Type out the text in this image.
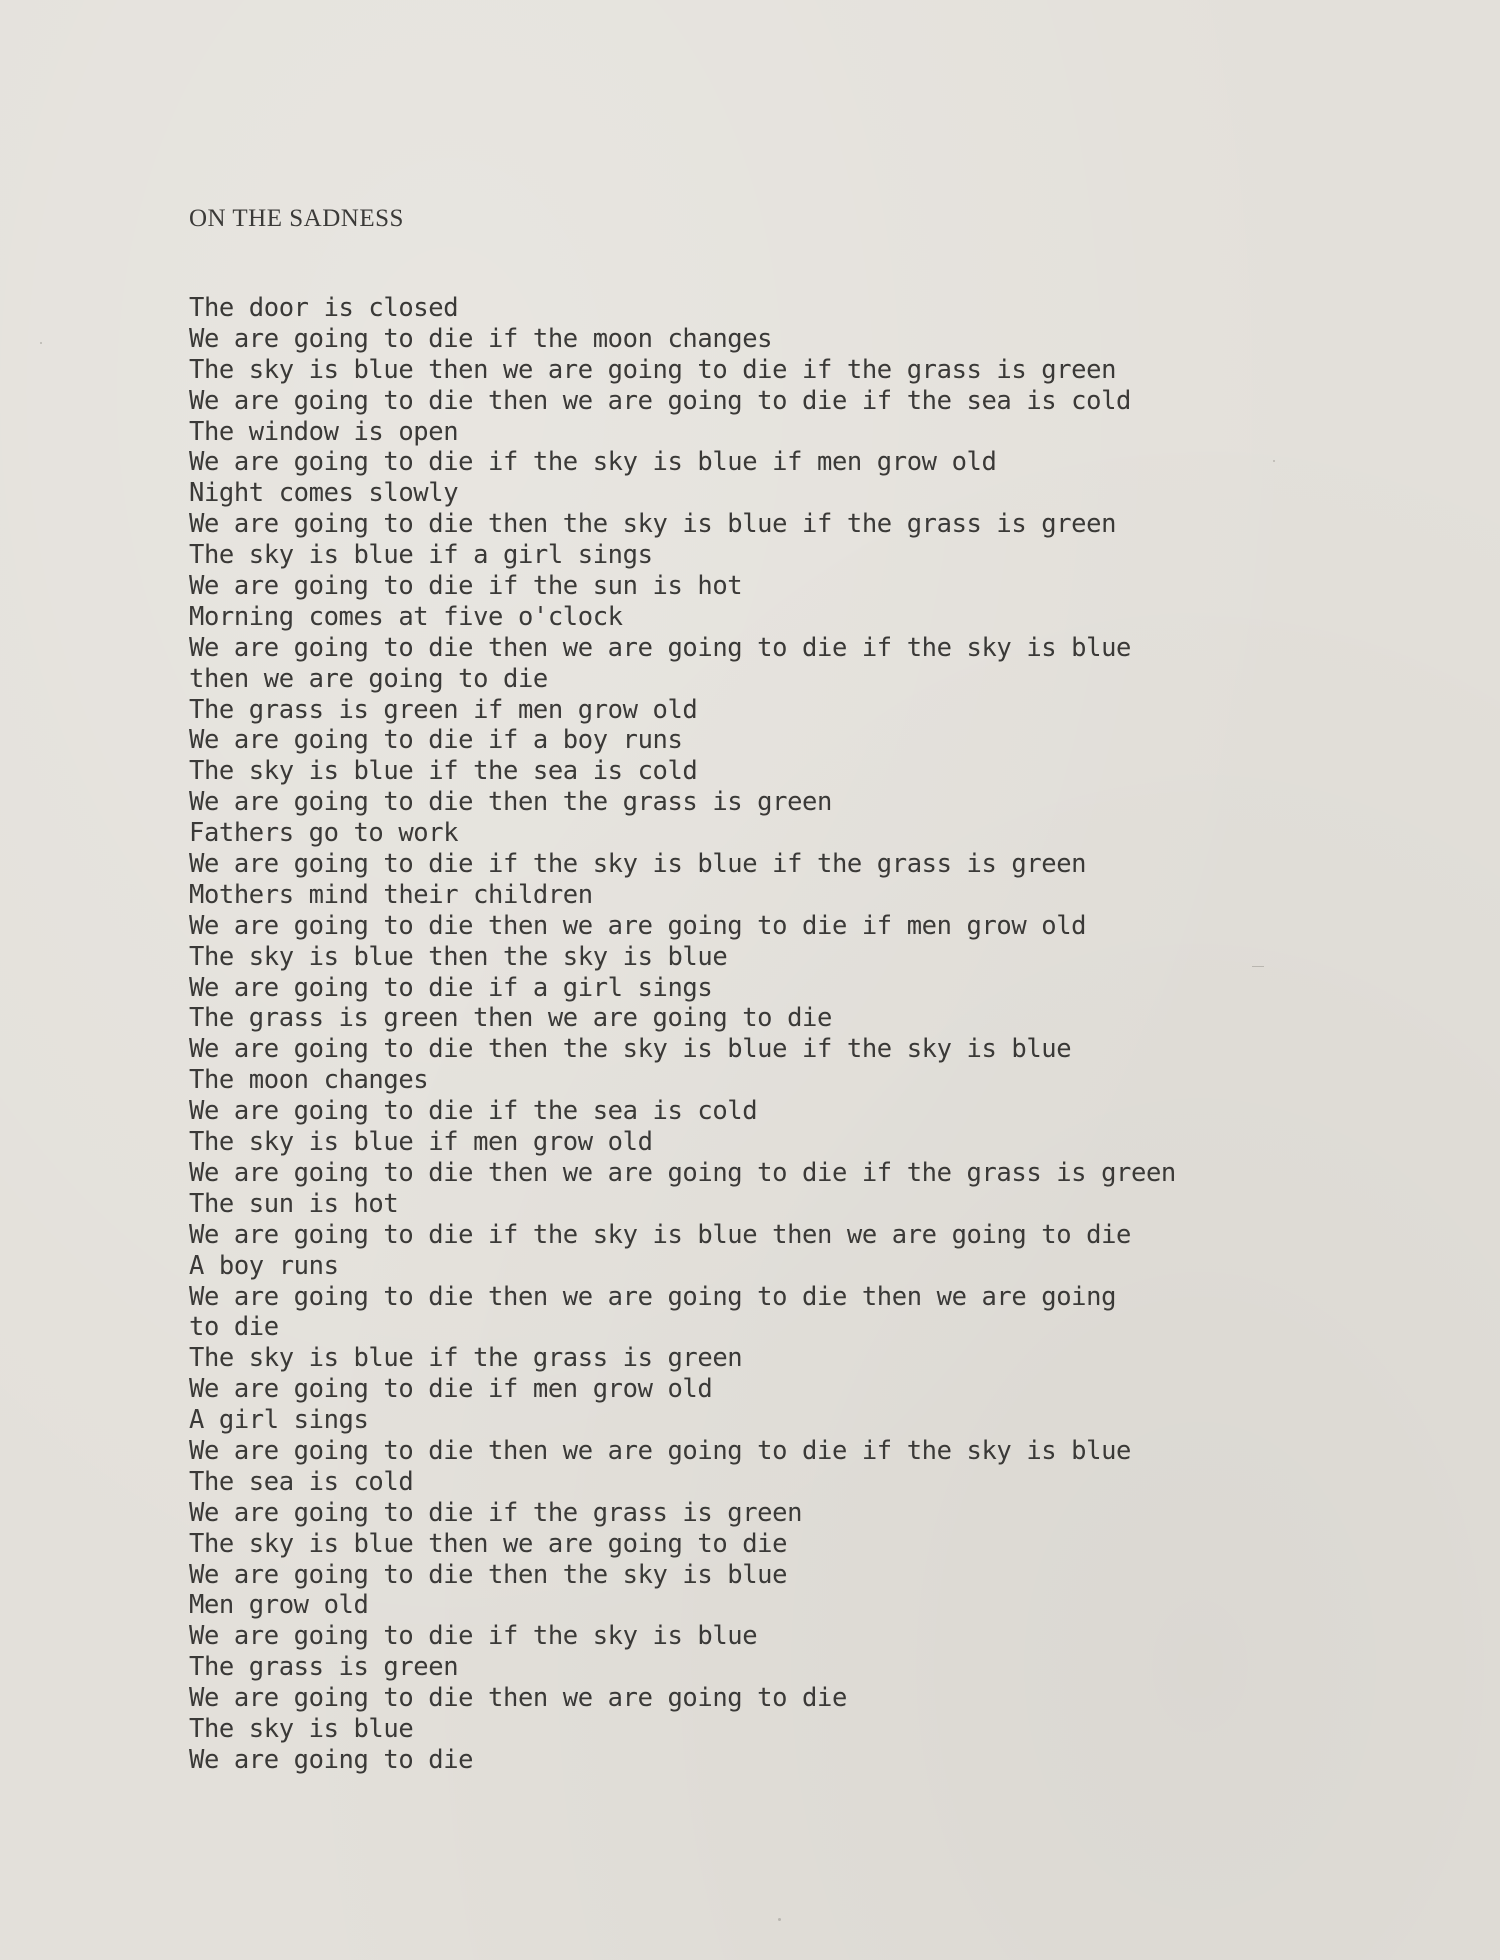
ON THE SADNESS
The door is closed
We are going to die if the moon changes
The sky is blue then we are going to die if the grass is green
We are going to die then we are going to die if the sea is cold
The window is open
We are going to die if the sky is blue if men grow old
Night comes slowly
We are going to die then the sky is blue if the grass is green
The sky is blue if a girl sings
We are going to die if the sun is hot
Morning comes at five o'clock
We are going to die then we are going to die if the sky is blue
then we are going to die
The grass is green if men grow old
We are going to die if a boy runs
The sky is blue if the sea is cold
We are going to die then the grass is green
Fathers go to work
We are going to die if the sky is blue if the grass is green
Mothers mind their children
We are going to die then we are going to die if men grow old
The sky is blue then the sky is blue
We are going to die if a girl sings
The grass is green then we are going to die
We are going to die then the sky is blue if the sky is blue
The moon changes
We are going to die if the sea is cold
The sky is blue if men grow old
We are going to die then we are going to die if the grass is green
The sun is hot
We are going to die if the sky is blue then we are going to die
A boy runs
We are going to die then we are going to die then we are going
to die
The sky is blue if the grass is green
We are going to die if men grow old
A girl sings
We are going to die then we are going to die if the sky is blue
The sea is cold
We are going to die if the grass is green
The sky is blue then we are going to die
We are going to die then the sky is blue
Men grow old
We are going to die if the sky is blue
The grass is green
We are going to die then we are going to die
The sky is blue
We are going to die
